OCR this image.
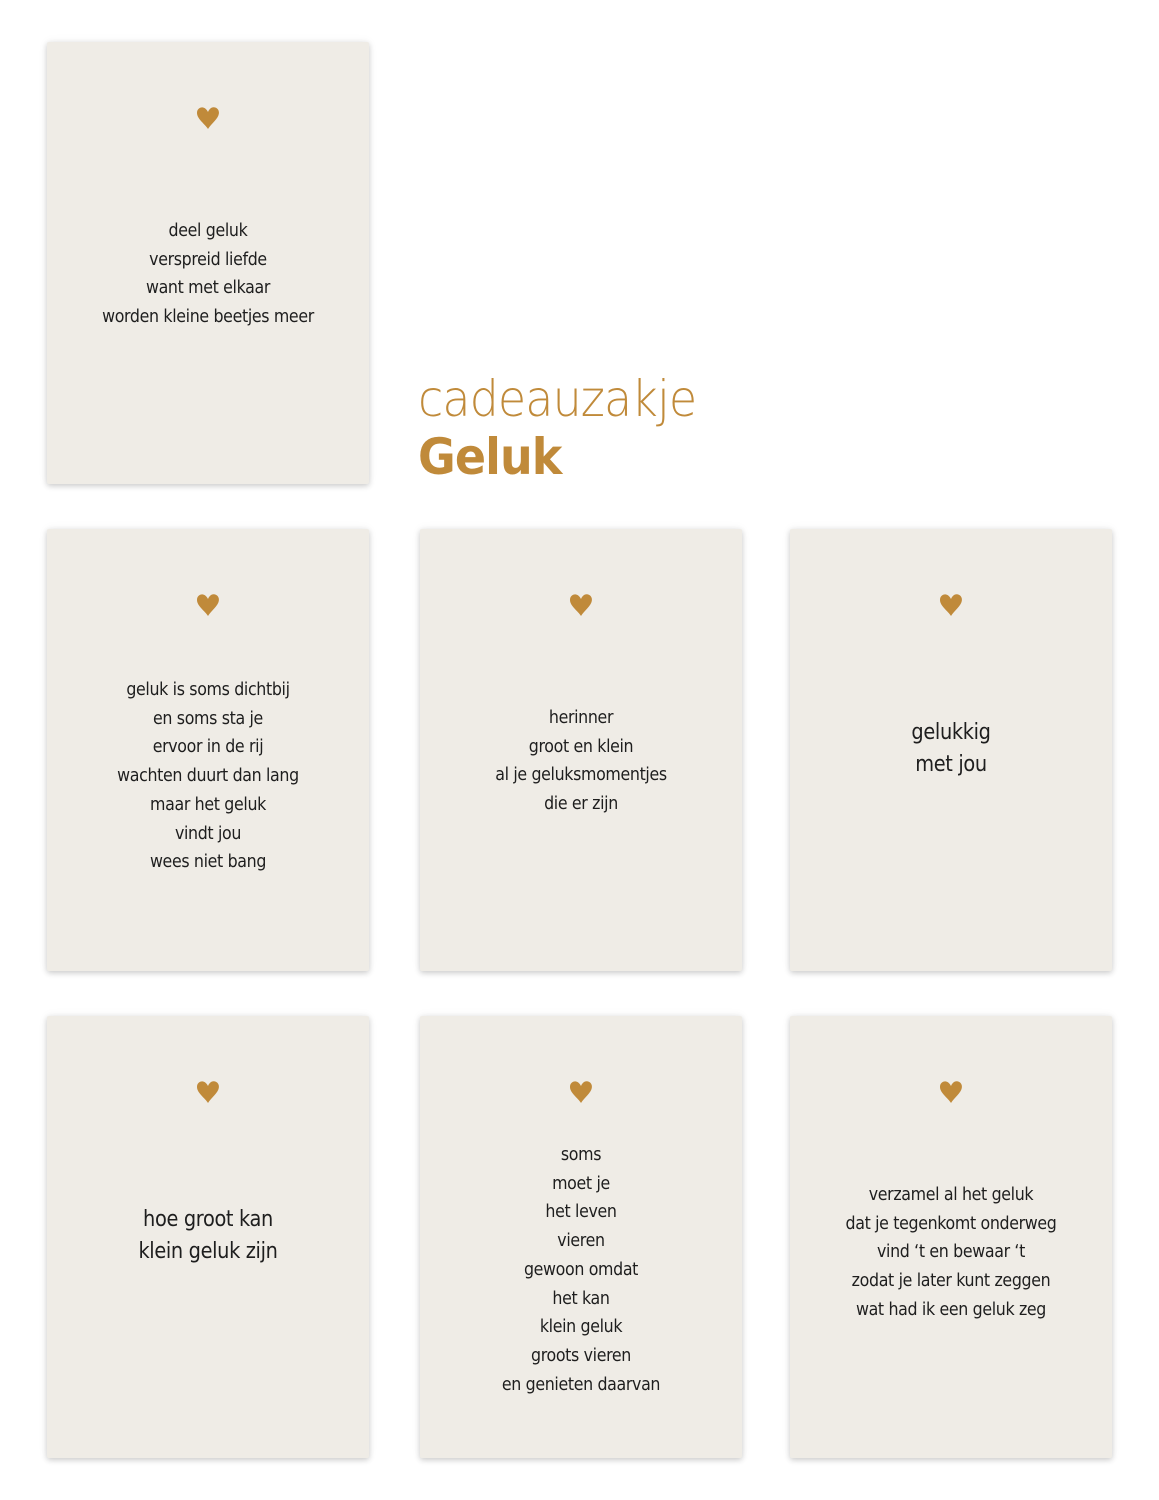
cadeauzakje
Geluk
deel geluk
verspreid liefde
want met elkaar
worden kleine beetjes meer
geluk is soms dichtbij
en soms sta je
ervoor in de rij
wachten duurt dan lang
maar het geluk
vindt jou
wees niet bang
herinner
groot en klein
al je geluksmomentjes
die er zijn
gelukkig
met jou
hoe groot kan
klein geluk zijn
soms
moet je
het leven
vieren
gewoon omdat
het kan
klein geluk
groots vieren
en genieten daarvan
verzamel al het geluk
dat je tegenkomt onderweg
vind ‘t en bewaar ‘t
zodat je later kunt zeggen
wat had ik een geluk zeg
